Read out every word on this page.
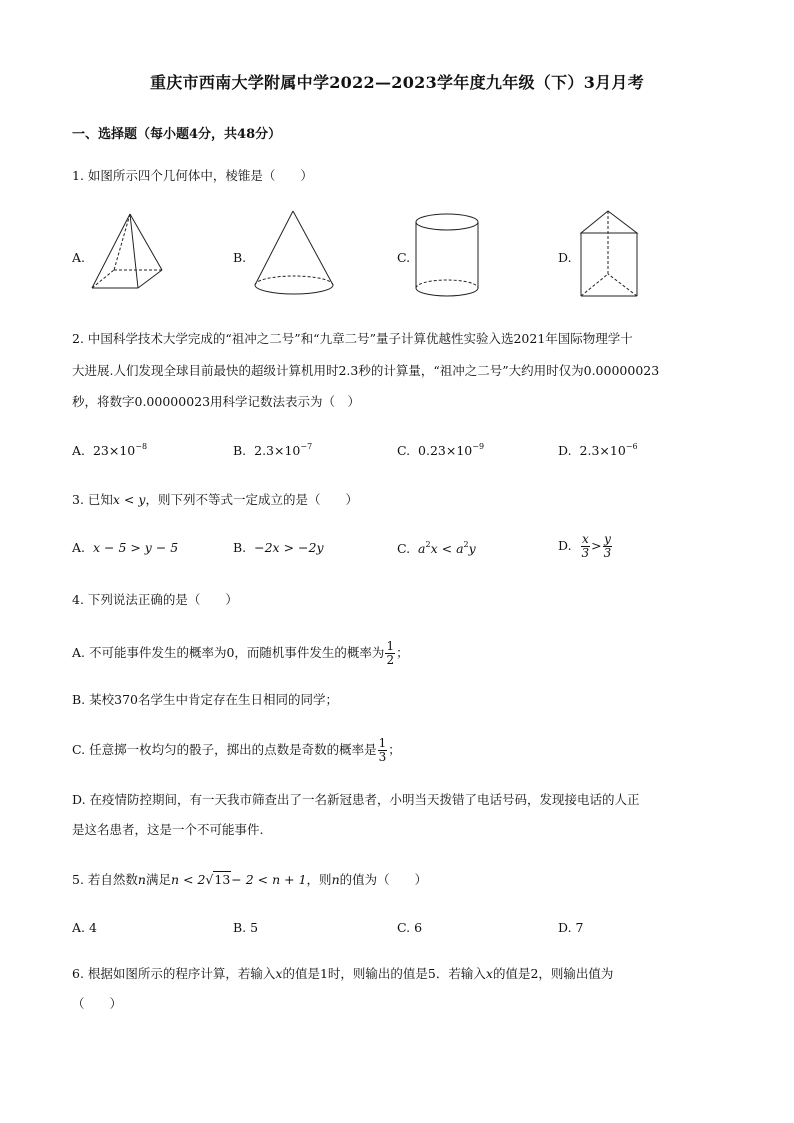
重庆市西南大学附属中学2022—2023学年度九年级（下）3月月考
一、选择题（每小题4分，共48分）
1. 如图所示四个几何体中，棱锥是（　　）
A.	B.	C.	D.
2. 中国科学技术大学完成的“祖冲之二号”和“九章二号”量子计算优越性实验入选2021年国际物理学十
大进展.人们发现全球目前最快的超级计算机用时2.3秒的计算量，“祖冲之二号”大约用时仅为0.00000023
秒，将数字0.00000023用科学记数法表示为（　）
A. $23\times 10^{-8}$	B. $2.3\times 10^{-7}$	C. $0.23\times 10^{-9}$	D. $2.3\times 10^{-6}$
3. 已知x < y，则下列不等式一定成立的是（　　）
A. x − 5 > y − 5	B. −2x > −2y	C. $a^2x < a^2y$	D. $\frac{x}{3} > \frac{y}{3}$
4. 下列说法正确的是（　　）
A. 不可能事件发生的概率为0，而随机事件发生的概率为 $\frac{1}{2}$ ；
B. 某校370名学生中肯定存在生日相同的同学；
C. 任意掷一枚均匀的骰子，掷出的点数是奇数的概率是 $\frac{1}{3}$ ；
D. 在疫情防控期间，有一天我市筛查出了一名新冠患者，小明当天拨错了电话号码，发现接电话的人正
是这名患者，这是一个不可能事件.
5. 若自然数n满足n < 2√13− 2 < n + 1，则n的值为（　　）
A. 4	B. 5	C. 6	D. 7
6. 根据如图所示的程序计算，若输入x的值是1时，则输出的值是5．若输入x的值是2，则输出值为
（　　）
